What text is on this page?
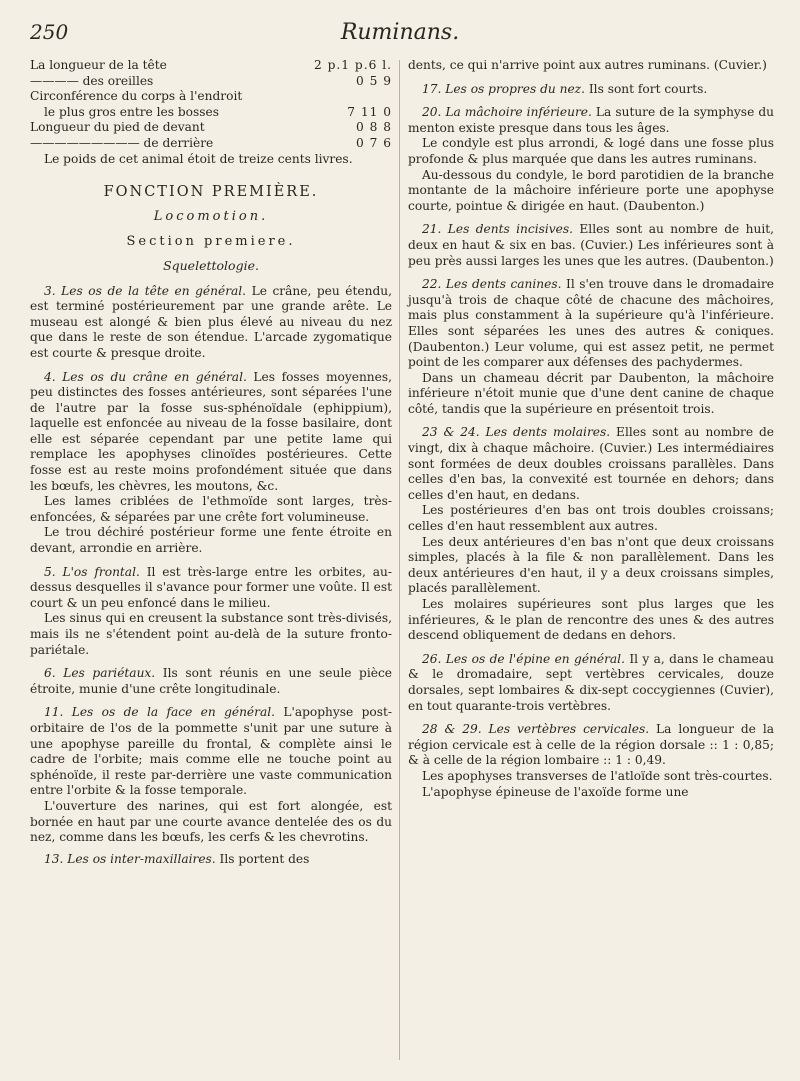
Ruminans.
250
La longueur de la tête	2 p.1 p.6 l.
———— des oreilles	0 5 9
Circonférence du corps à l'endroit
le plus gros entre les bosses	7 11 0
Longueur du pied de devant	0 8 8
————————— de derrière	0 7 6

Le poids de cet animal étoit de treize cents livres.

FONCTION PREMIÈRE.
Locomotion.
Section premiere.
Squelettologie.

3. Les os de la tête en général. Le crâne, peu étendu, est terminé postérieurement par une grande arête. Le museau est alongé & bien plus élevé au niveau du nez que dans le reste de son étendue. L'arcade zygomatique est courte & presque droite.

4. Les os du crâne en général. Les fosses moyennes, peu distinctes des fosses antérieures, sont séparées l'une de l'autre par la fosse sus-sphénoïdale (ephippium), laquelle est enfoncée au niveau de la fosse basilaire, dont elle est séparée cependant par une petite lame qui remplace les apophyses clinoïdes postérieures. Cette fosse est au reste moins profondément située que dans les bœufs, les chèvres, les moutons, &c.

Les lames criblées de l'ethmoïde sont larges, très-enfoncées, & séparées par une crête fort volumineuse.

Le trou déchiré postérieur forme une fente étroite en devant, arrondie en arrière.

5. L'os frontal. Il est très-large entre les orbites, au-dessus desquelles il s'avance pour former une voûte. Il est court & un peu enfoncé dans le milieu.

Les sinus qui en creusent la substance sont très-divisés, mais ils ne s'étendent point au-delà de la suture fronto-pariétale.

6. Les pariétaux. Ils sont réunis en une seule pièce étroite, munie d'une crête longitudinale.

11. Les os de la face en général. L'apophyse post-orbitaire de l'os de la pommette s'unit par une suture à une apophyse pareille du frontal, & complète ainsi le cadre de l'orbite; mais comme elle ne touche point au sphénoïde, il reste par-derrière une vaste communication entre l'orbite & la fosse temporale.

L'ouverture des narines, qui est fort alongée, est bornée en haut par une courte avance dentelée des os du nez, comme dans les bœufs, les cerfs & les chevrotins.

13. Les os inter-maxillaires. Ils portent des

dents, ce qui n'arrive point aux autres ruminans. (Cuvier.)

17. Les os propres du nez. Ils sont fort courts.

20. La mâchoire inférieure. La suture de la symphyse du menton existe presque dans tous les âges.

Le condyle est plus arrondi, & logé dans une fosse plus profonde & plus marquée que dans les autres ruminans.

Au-dessous du condyle, le bord parotidien de la branche montante de la mâchoire inférieure porte une apophyse courte, pointue & dirigée en haut. (Daubenton.)

21. Les dents incisives. Elles sont au nombre de huit, deux en haut & six en bas. (Cuvier.) Les inférieures sont à peu près aussi larges les unes que les autres. (Daubenton.)

22. Les dents canines. Il s'en trouve dans le dromadaire jusqu'à trois de chaque côté de chacune des mâchoires, mais plus constamment à la supérieure qu'à l'inférieure. Elles sont séparées les unes des autres & coniques. (Daubenton.) Leur volume, qui est assez petit, ne permet point de les comparer aux défenses des pachydermes.

Dans un chameau décrit par Daubenton, la mâchoire inférieure n'étoit munie que d'une dent canine de chaque côté, tandis que la supérieure en présentoit trois.

23 & 24. Les dents molaires. Elles sont au nombre de vingt, dix à chaque mâchoire. (Cuvier.) Les intermédiaires sont formées de deux doubles croissans parallèles. Dans celles d'en bas, la convexité est tournée en dehors; dans celles d'en haut, en dedans.

Les postérieures d'en bas ont trois doubles croissans; celles d'en haut ressemblent aux autres.

Les deux antérieures d'en bas n'ont que deux croissans simples, placés à la file & non parallèlement. Dans les deux antérieures d'en haut, il y a deux croissans simples, placés parallèlement.

Les molaires supérieures sont plus larges que les inférieures, & le plan de rencontre des unes & des autres descend obliquement de dedans en dehors.

26. Les os de l'épine en général. Il y a, dans le chameau & le dromadaire, sept vertèbres cervicales, douze dorsales, sept lombaires & dix-sept coccygiennes (Cuvier), en tout quarante-trois vertèbres.

28 & 29. Les vertèbres cervicales. La longueur de la région cervicale est à celle de la région dorsale :: 1 : 0,85; & à celle de la région lombaire :: 1 : 0,49.

Les apophyses transverses de l'atloïde sont très-courtes.

L'apophyse épineuse de l'axoïde forme une
